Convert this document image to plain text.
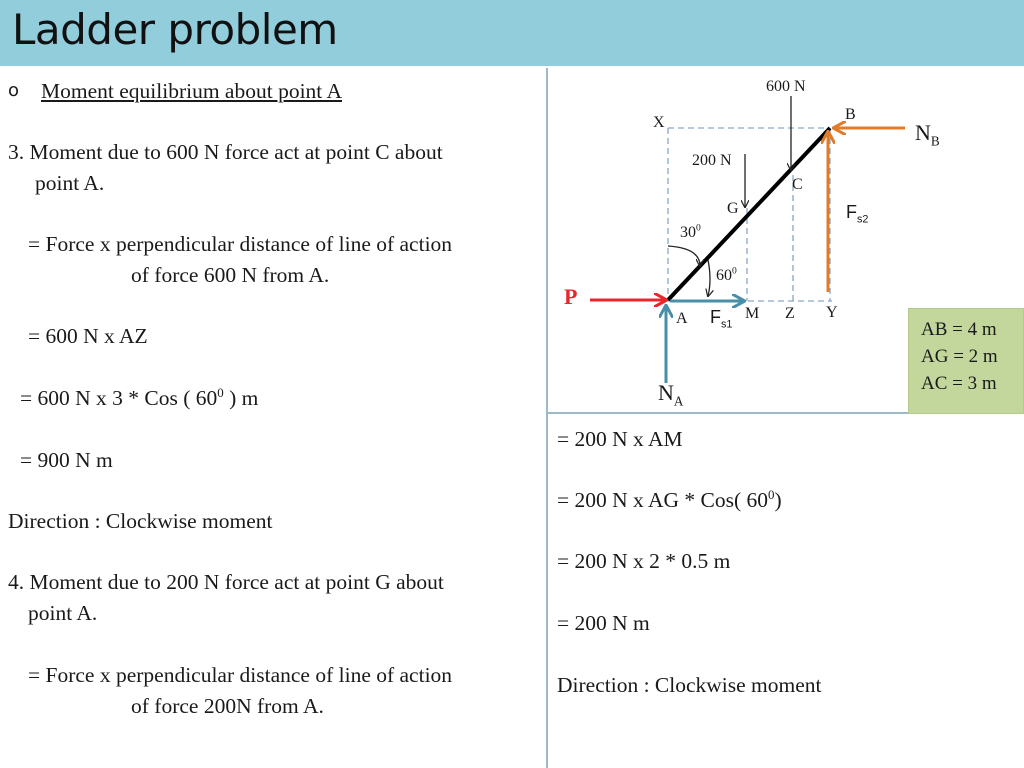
Ladder problem
o Moment equilibrium about point A
3. Moment due to 600 N force act at point C about
point A.
= Force x perpendicular distance of line of action
of force 600 N from A.
= 600 N x AZ
= 600 N x 3 * Cos ( $60^0$ ) m
= 900 N m
Direction : Clockwise moment
4. Moment due to 200 N force act at point G about
point A.
= Force x perpendicular distance of line of action
of force 200N from A.
600 N
B
X
200 N
C
G
$30^0$
$60^0$
A	M Z Y
P
$F_{s1}$
$F_{s2}$
$N_B$
$N_A$
AB = 4 m
AG = 2 m
AC = 3 m
= 200 N x AM
= 200 N x AG * Cos( $60^0$)
= 200 N x 2 * 0.5 m
= 200 N m
Direction : Clockwise moment
